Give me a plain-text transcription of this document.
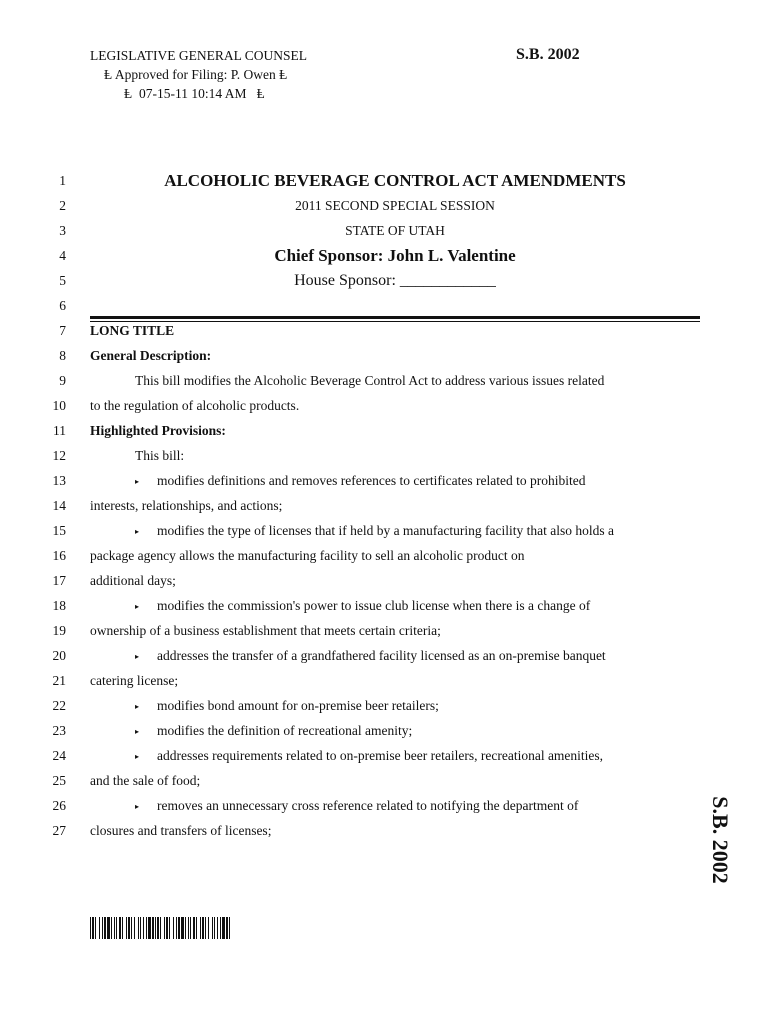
LEGISLATIVE GENERAL COUNSEL
Ⱡ Approved for Filing: P. Owen Ⱡ
Ⱡ 07-15-11 10:14 AM Ⱡ
S.B. 2002
1	ALCOHOLIC BEVERAGE CONTROL ACT AMENDMENTS
2	2011 SECOND SPECIAL SESSION
3	STATE OF UTAH
4	Chief Sponsor: John L. Valentine
5	House Sponsor: ____________
6
7 LONG TITLE
8 General Description:
9	This bill modifies the Alcoholic Beverage Control Act to address various issues related
10 to the regulation of alcoholic products.
11 Highlighted Provisions:
12	This bill:
13	▸ modifies definitions and removes references to certificates related to prohibited
14 interests, relationships, and actions;
15	▸ modifies the type of licenses that if held by a manufacturing facility that also holds a
16 package agency allows the manufacturing facility to sell an alcoholic product on
17 additional days;
18	▸ modifies the commission's power to issue club license when there is a change of
19 ownership of a business establishment that meets certain criteria;
20	▸ addresses the transfer of a grandfathered facility licensed as an on-premise banquet
21 catering license;
22	▸ modifies bond amount for on-premise beer retailers;
23	▸ modifies the definition of recreational amenity;
24	▸ addresses requirements related to on-premise beer retailers, recreational amenities,
25 and the sale of food;
26	▸ removes an unnecessary cross reference related to notifying the department of
27 closures and transfers of licenses;	S.B. 2002
